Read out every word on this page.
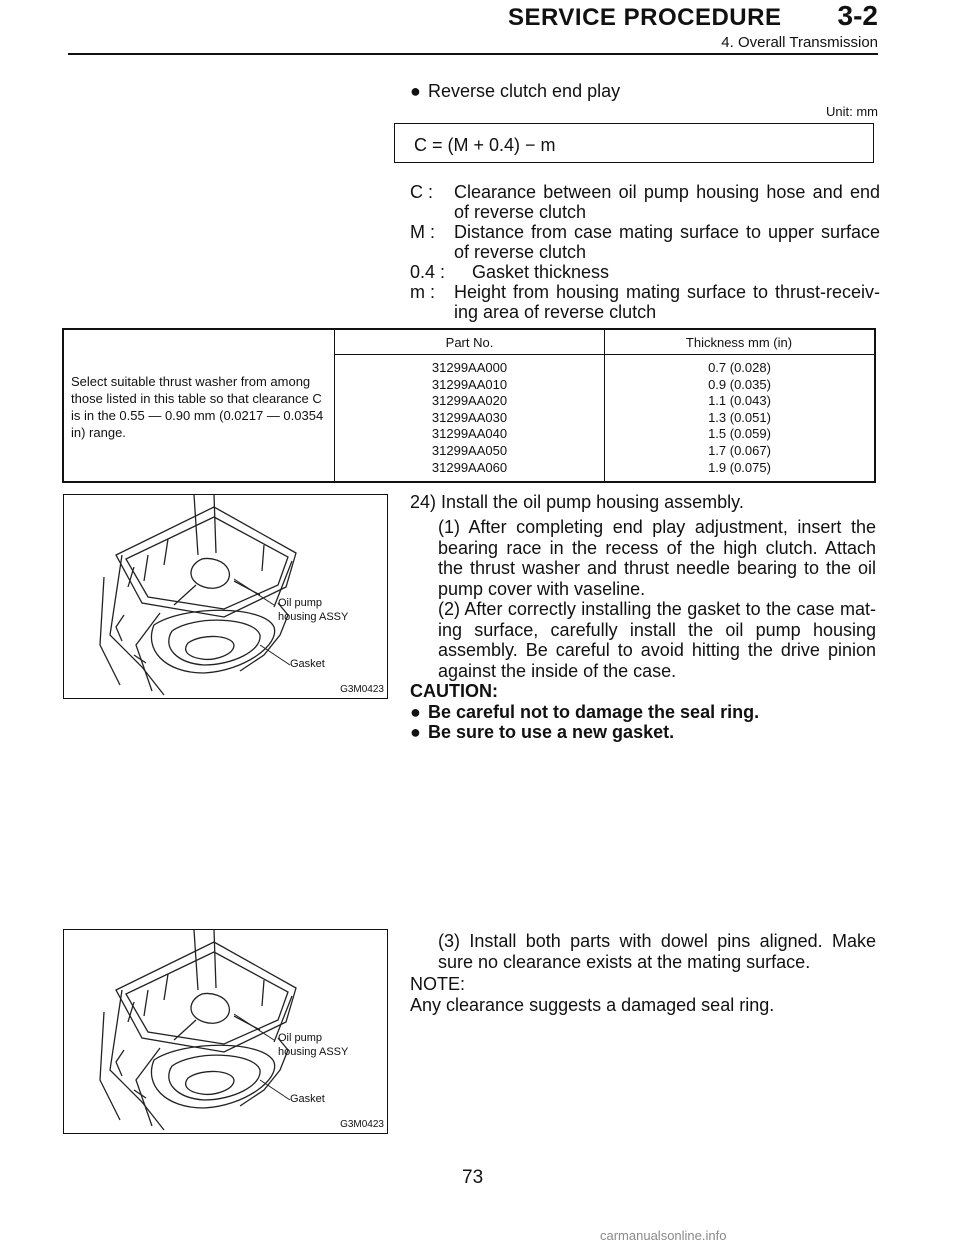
SERVICE PROCEDURE 3-2
4. Overall Transmission
● Reverse clutch end play
Unit: mm
C = (M + 0.4) − m
C : Clearance between oil pump housing hose and end of reverse clutch
M : Distance from case mating surface to upper surface of reverse clutch
0.4 : Gasket thickness
m : Height from housing mating surface to thrust-receiv- ing area of reverse clutch
Select suitable thrust washer from among those listed in this table so that clearance C is in the 0.55 — 0.90 mm (0.0217 — 0.0354 in) range.
Part No.	Thickness mm (in)
31299AA000
31299AA010
31299AA020
31299AA030
31299AA040
31299AA050
31299AA060
0.7 (0.028)
0.9 (0.035)
1.1 (0.043)
1.3 (0.051)
1.5 (0.059)
1.7 (0.067)
1.9 (0.075)
Oil pump
housing ASSY
Gasket
G3M0423
24) Install the oil pump housing assembly.
(1) After completing end play adjustment, insert the bearing race in the recess of the high clutch. Attach the thrust washer and thrust needle bearing to the oil pump cover with vaseline.
(2) After correctly installing the gasket to the case mat- ing surface, carefully install the oil pump housing assembly. Be careful to avoid hitting the drive pinion against the inside of the case.
CAUTION:
● Be careful not to damage the seal ring.
● Be sure to use a new gasket.
Oil pump
housing ASSY
Gasket
G3M0423
(3) Install both parts with dowel pins aligned. Make sure no clearance exists at the mating surface.
NOTE:
Any clearance suggests a damaged seal ring.
73
carmanualsonline.info
